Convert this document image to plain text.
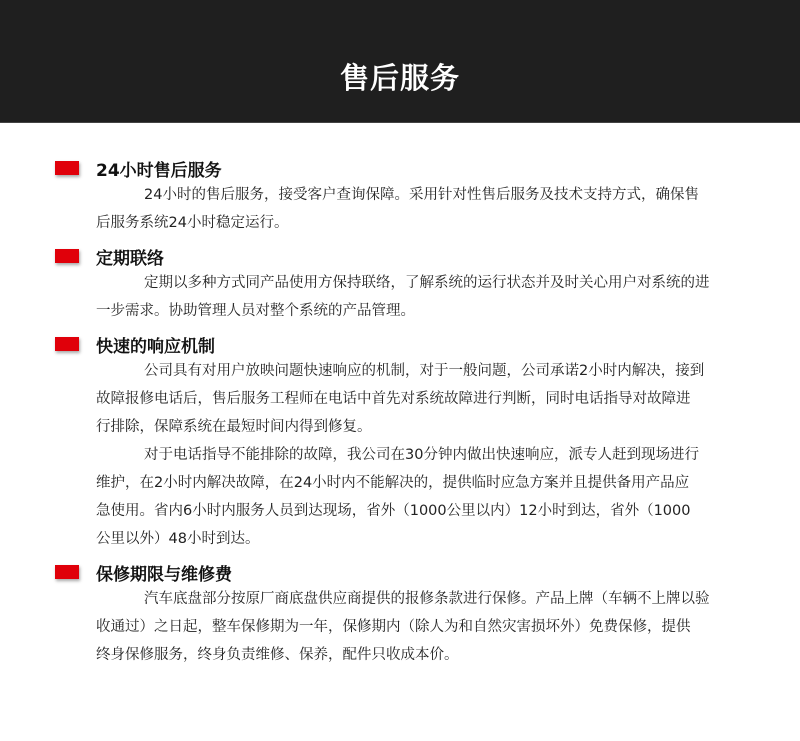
售后服务
24小时售后服务
24小时的售后服务，接受客户查询保障。采用针对性售后服务及技术支持方式，确保售
后服务系统24小时稳定运行。
定期联络
定期以多种方式同产品使用方保持联络，了解系统的运行状态并及时关心用户对系统的进
一步需求。协助管理人员对整个系统的产品管理。
快速的响应机制
公司具有对用户放映问题快速响应的机制，对于一般问题，公司承诺2小时内解决，接到
故障报修电话后，售后服务工程师在电话中首先对系统故障进行判断，同时电话指导对故障进
行排除，保障系统在最短时间内得到修复。
对于电话指导不能排除的故障，我公司在30分钟内做出快速响应，派专人赶到现场进行
维护，在2小时内解决故障，在24小时内不能解决的，提供临时应急方案并且提供备用产品应
急使用。省内6小时内服务人员到达现场，省外（1000公里以内）12小时到达，省外（1000
公里以外）48小时到达。
保修期限与维修费
汽车底盘部分按原厂商底盘供应商提供的报修条款进行保修。产品上牌（车辆不上牌以验
收通过）之日起，整车保修期为一年，保修期内（除人为和自然灾害损坏外）免费保修，提供
终身保修服务，终身负责维修、保养，配件只收成本价。
